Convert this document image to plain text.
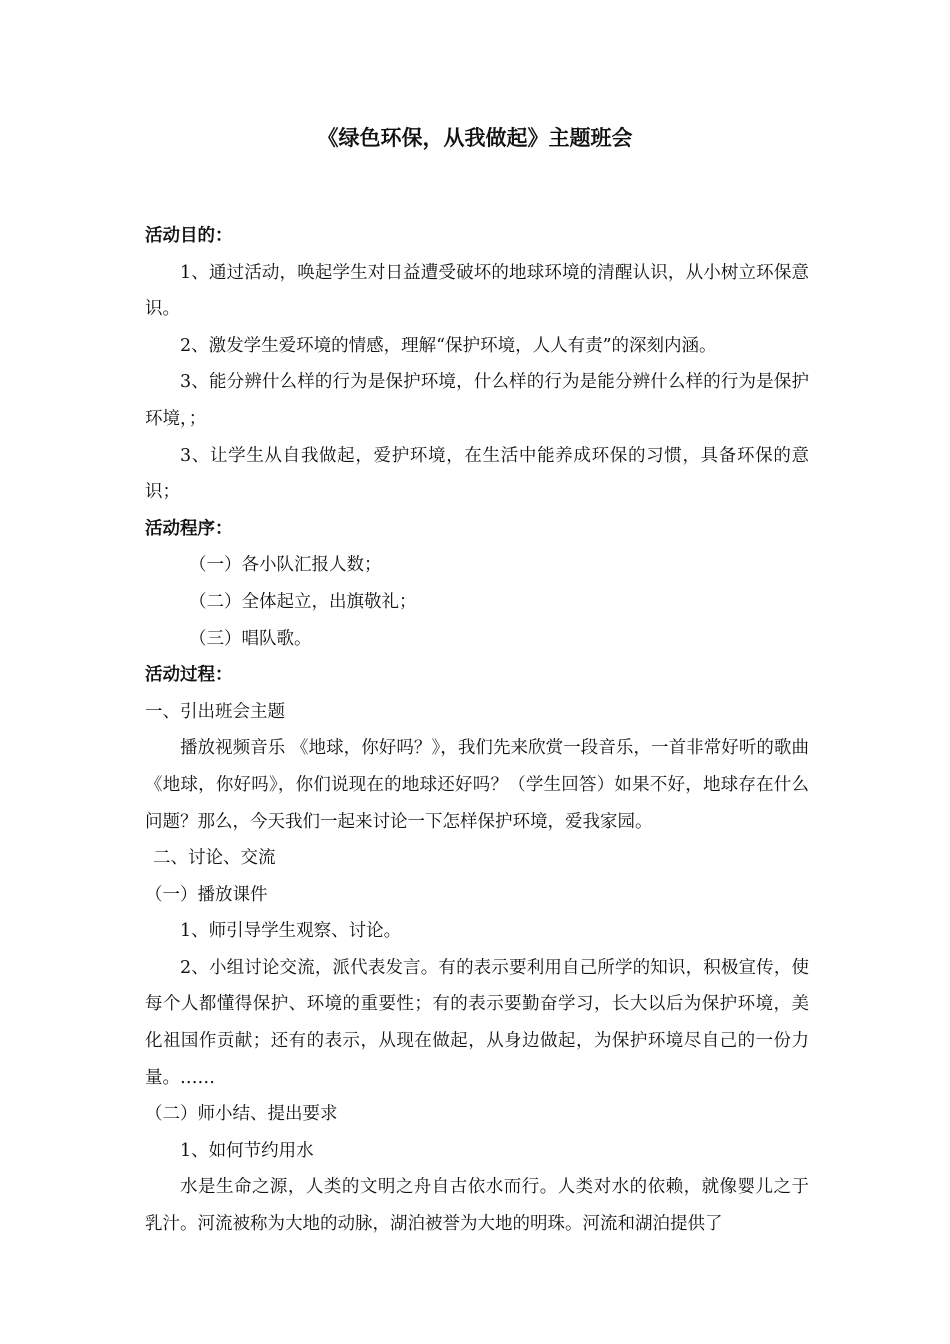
《绿色环保，从我做起》主题班会

活动目的：

1、通过活动，唤起学生对日益遭受破坏的地球环境的清醒认识，从小树立环保意识。

2、激发学生爱环境的情感，理解“保护环境，人人有责”的深刻内涵。

3、能分辨什么样的行为是保护环境，什么样的行为是能分辨什么样的行为是保护环境，；

3、让学生从自我做起，爱护环境，在生活中能养成环保的习惯，具备环保的意识；

活动程序：

（一）各小队汇报人数；

（二）全体起立，出旗敬礼；

（三）唱队歌。

活动过程：

一、引出班会主题

播放视频音乐 《地球，你好吗？》，我们先来欣赏一段音乐，一首非常好听的歌曲《地球，你好吗》，你们说现在的地球还好吗？（学生回答）如果不好，地球存在什么问题？那么，今天我们一起来讨论一下怎样保护环境，爱我家园。

二、讨论、交流

（一）播放课件

1、师引导学生观察、讨论。

2、小组讨论交流，派代表发言。有的表示要利用自己所学的知识，积极宣传，使每个人都懂得保护、环境的重要性；有的表示要勤奋学习，长大以后为保护环境，美化祖国作贡献；还有的表示，从现在做起，从身边做起，为保护环境尽自己的一份力量。……

（二）师小结、提出要求

1、如何节约用水

水是生命之源，人类的文明之舟自古依水而行。人类对水的依赖，就像婴儿之于乳汁。河流被称为大地的动脉，湖泊被誉为大地的明珠。河流和湖泊提供了
